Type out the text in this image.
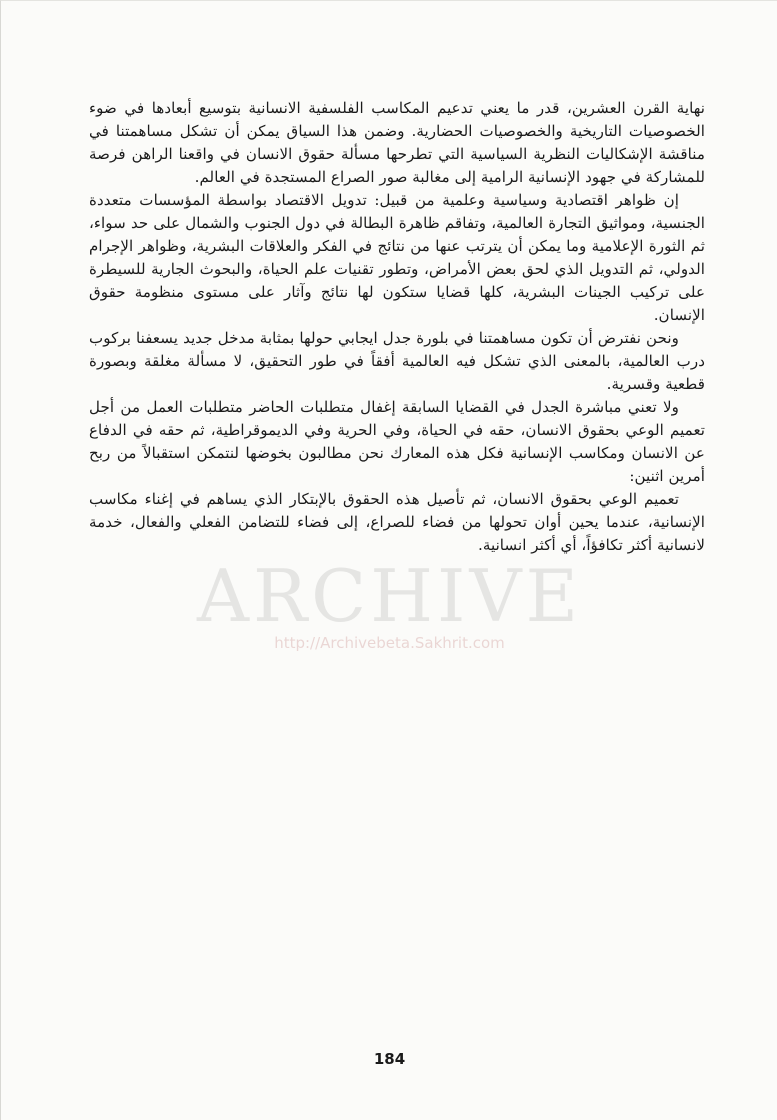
نهاية القرن العشرين، قدر ما يعني تدعيم المكاسب الفلسفية الانسانية بتوسيع أبعادها في ضوء الخصوصيات التاريخية والخصوصيات الحضارية. وضمن هذا السياق يمكن أن تشكل مساهمتنا في مناقشة الإشكاليات النظرية السياسية التي تطرحها مسألة حقوق الانسان في واقعنا الراهن فرصة للمشاركة في جهود الإنسانية الرامية إلى مغالبة صور الصراع المستجدة في العالم.

إن ظواهر اقتصادية وسياسية وعلمية من قبيل: تدويل الاقتصاد بواسطة المؤسسات متعددة الجنسية، ومواثيق التجارة العالمية، وتفاقم ظاهرة البطالة في دول الجنوب والشمال على حد سواء، ثم الثورة الإعلامية وما يمكن أن يترتب عنها من نتائج في الفكر والعلاقات البشرية، وظواهر الإجرام الدولي، ثم التدويل الذي لحق بعض الأمراض، وتطور تقنيات علم الحياة، والبحوث الجارية للسيطرة على تركيب الجينات البشرية، كلها قضايا ستكون لها نتائج وآثار على مستوى منظومة حقوق الإنسان.

ونحن نفترض أن تكون مساهمتنا في بلورة جدل ايجابي حولها بمثابة مدخل جديد يسعفنا بركوب درب العالمية، بالمعنى الذي تشكل فيه العالمية أفقاً في طور التحقيق، لا مسألة مغلقة وبصورة قطعية وقسرية.

ولا تعني مباشرة الجدل في القضايا السابقة إغفال متطلبات الحاضر متطلبات العمل من أجل تعميم الوعي بحقوق الانسان، حقه في الحياة، وفي الحرية وفي الديموقراطية، ثم حقه في الدفاع عن الانسان ومكاسب الإنسانية فكل هذه المعارك نحن مطالبون بخوضها لنتمكن استقبالاً من ربح أمرين اثنين:

تعميم الوعي بحقوق الانسان، ثم تأصيل هذه الحقوق بالإبتكار الذي يساهم في إغناء مكاسب الإنسانية، عندما يحين أوان تحولها من فضاء للصراع، إلى فضاء للتضامن الفعلي والفعال، خدمة لانسانية أكثر تكافؤاً، أي أكثر انسانية.

ARCHIVE
http://Archivebeta.Sakhrit.com
184
